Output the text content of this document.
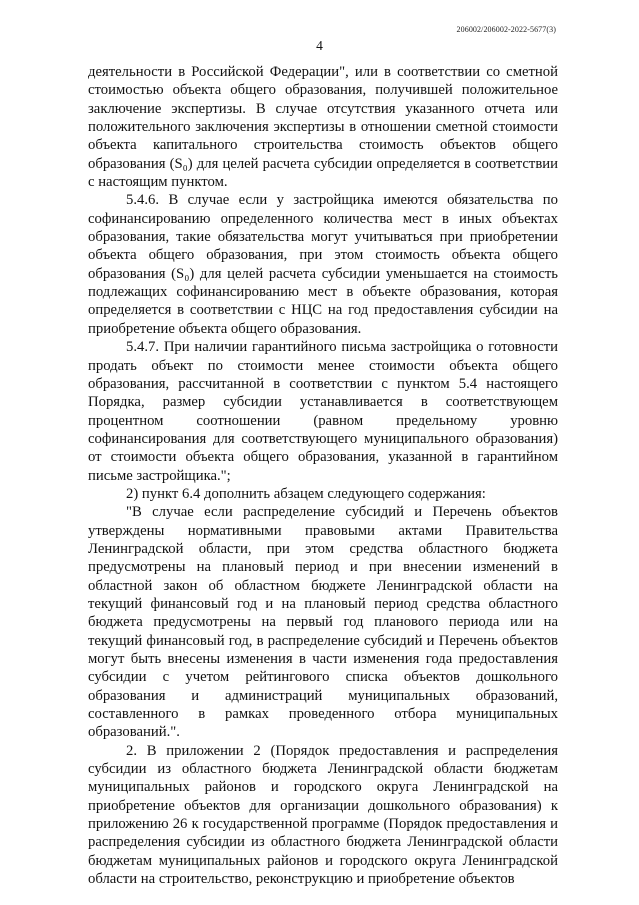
206002/206002-2022-5677(3)
4

деятельности в Российской Федерации", или в соответствии со сметной стоимостью объекта общего образования, получившей положительное заключение экспертизы. В случае отсутствия указанного отчета или положительного заключения экспертизы в отношении сметной стоимости объекта капитального строительства стоимость объектов общего образования (S₀) для целей расчета субсидии определяется в соответствии с настоящим пунктом.

5.4.6. В случае если у застройщика имеются обязательства по софинансированию определенного количества мест в иных объектах образования, такие обязательства могут учитываться при приобретении объекта общего образования, при этом стоимость объекта общего образования (S₀) для целей расчета субсидии уменьшается на стоимость подлежащих софинансированию мест в объекте образования, которая определяется в соответствии с НЦС на год предоставления субсидии на приобретение объекта общего образования.

5.4.7. При наличии гарантийного письма застройщика о готовности продать объект по стоимости менее стоимости объекта общего образования, рассчитанной в соответствии с пунктом 5.4 настоящего Порядка, размер субсидии устанавливается в соответствующем процентном соотношении (равном предельному уровню софинансирования для соответствующего муниципального образования) от стоимости объекта общего образования, указанной в гарантийном письме застройщика.";

2) пункт 6.4 дополнить абзацем следующего содержания:

"В случае если распределение субсидий и Перечень объектов утверждены нормативными правовыми актами Правительства Ленинградской области, при этом средства областного бюджета предусмотрены на плановый период и при внесении изменений в областной закон об областном бюджете Ленинградской области на текущий финансовый год и на плановый период средства областного бюджета предусмотрены на первый год планового периода или на текущий финансовый год, в распределение субсидий и Перечень объектов могут быть внесены изменения в части изменения года предоставления субсидии с учетом рейтингового списка объектов дошкольного образования и администраций муниципальных образований, составленного в рамках проведенного отбора муниципальных образований.".

2. В приложении 2 (Порядок предоставления и распределения субсидии из областного бюджета Ленинградской области бюджетам муниципальных районов и городского округа Ленинградской на приобретение объектов для организации дошкольного образования) к приложению 26 к государственной программе (Порядок предоставления и распределения субсидии из областного бюджета Ленинградской области бюджетам муниципальных районов и городского округа Ленинградской области на строительство, реконструкцию и приобретение объектов
